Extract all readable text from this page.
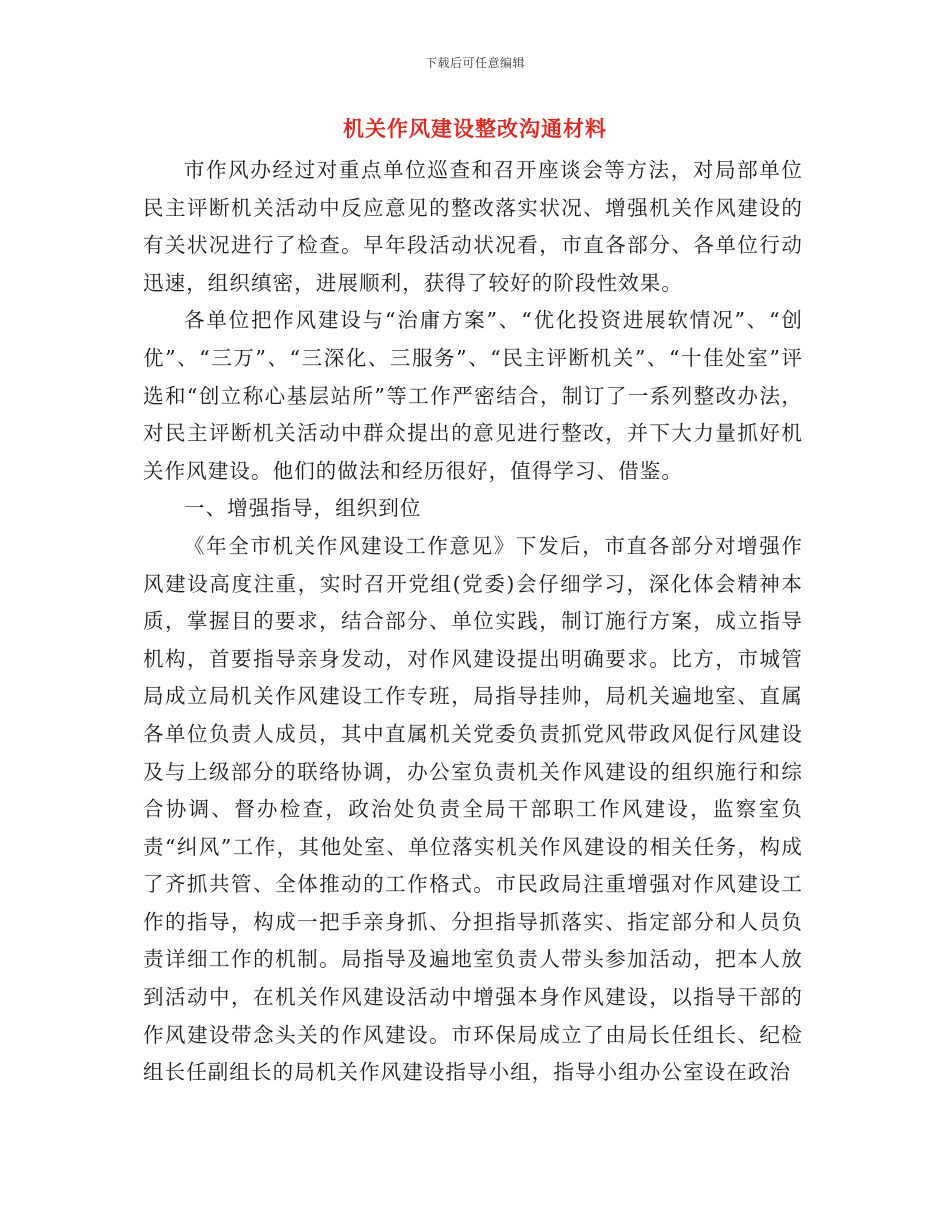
下载后可任意编辑
机关作风建设整改沟通材料

市作风办经过对重点单位巡查和召开座谈会等方法，对局部单位民主评断机关活动中反应意见的整改落实状况、增强机关作风建设的有关状况进行了检查。早年段活动状况看，市直各部分、各单位行动迅速，组织缜密，进展顺利，获得了较好的阶段性效果。

各单位把作风建设与“治庸方案”、“优化投资进展软情况”、“创优”、“三万”、“三深化、三服务”、“民主评断机关”、“十佳处室”评选和“创立称心基层站所”等工作严密结合，制订了一系列整改办法，对民主评断机关活动中群众提出的意见进行整改，并下大力量抓好机关作风建设。他们的做法和经历很好，值得学习、借鉴。

一、增强指导，组织到位

《年全市机关作风建设工作意见》下发后，市直各部分对增强作风建设高度注重，实时召开党组(党委)会仔细学习，深化体会精神本质，掌握目的要求，结合部分、单位实践，制订施行方案，成立指导机构，首要指导亲身发动，对作风建设提出明确要求。比方，市城管局成立局机关作风建设工作专班，局指导挂帅，局机关遍地室、直属各单位负责人成员，其中直属机关党委负责抓党风带政风促行风建设及与上级部分的联络协调，办公室负责机关作风建设的组织施行和综合协调、督办检查，政治处负责全局干部职工作风建设，监察室负责“纠风”工作，其他处室、单位落实机关作风建设的相关任务，构成了齐抓共管、全体推动的工作格式。市民政局注重增强对作风建设工作的指导，构成一把手亲身抓、分担指导抓落实、指定部分和人员负责详细工作的机制。局指导及遍地室负责人带头参加活动，把本人放到活动中，在机关作风建设活动中增强本身作风建设，以指导干部的作风建设带念头关的作风建设。市环保局成立了由局长任组长、纪检组长任副组长的局机关作风建设指导小组，指导小组办公室设在政治
